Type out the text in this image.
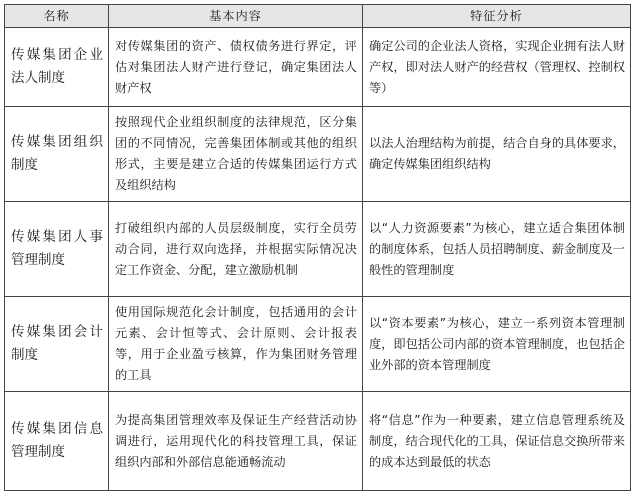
名称	基本内容	特征分析
传媒集团企业法人制度	对传媒集团的资产、债权债务进行界定，评估对集团法人财产进行登记，确定集团法人财产权	确定公司的企业法人资格，实现企业拥有法人财产权，即对法人财产的经营权（管理权、控制权等）
传媒集团组织制度	按照现代企业组织制度的法律规范，区分集团的不同情况，完善集团体制或其他的组织形式，主要是建立合适的传媒集团运行方式及组织结构	以法人治理结构为前提，结合自身的具体要求，确定传媒集团组织结构
传媒集团人事管理制度	打破组织内部的人员层级制度，实行全员劳动合同，进行双向选择，并根据实际情况决定工作资金、分配，建立激励机制	以“人力资源要素”为核心，建立适合集团体制的制度体系，包括人员招聘制度、薪金制度及一般性的管理制度
传媒集团会计制度	使用国际规范化会计制度，包括通用的会计元素、会计恒等式、会计原则、会计报表等，用于企业盈亏核算，作为集团财务管理的工具	以“资本要素”为核心，建立一系列资本管理制度，即包括公司内部的资本管理制度，也包括企业外部的资本管理制度
传媒集团信息管理制度	为提高集团管理效率及保证生产经营活动协调进行，运用现代化的科技管理工具，保证组织内部和外部信息能通畅流动	将“信息”作为一种要素，建立信息管理系统及制度，结合现代化的工具，保证信息交换所带来的成本达到最低的状态
